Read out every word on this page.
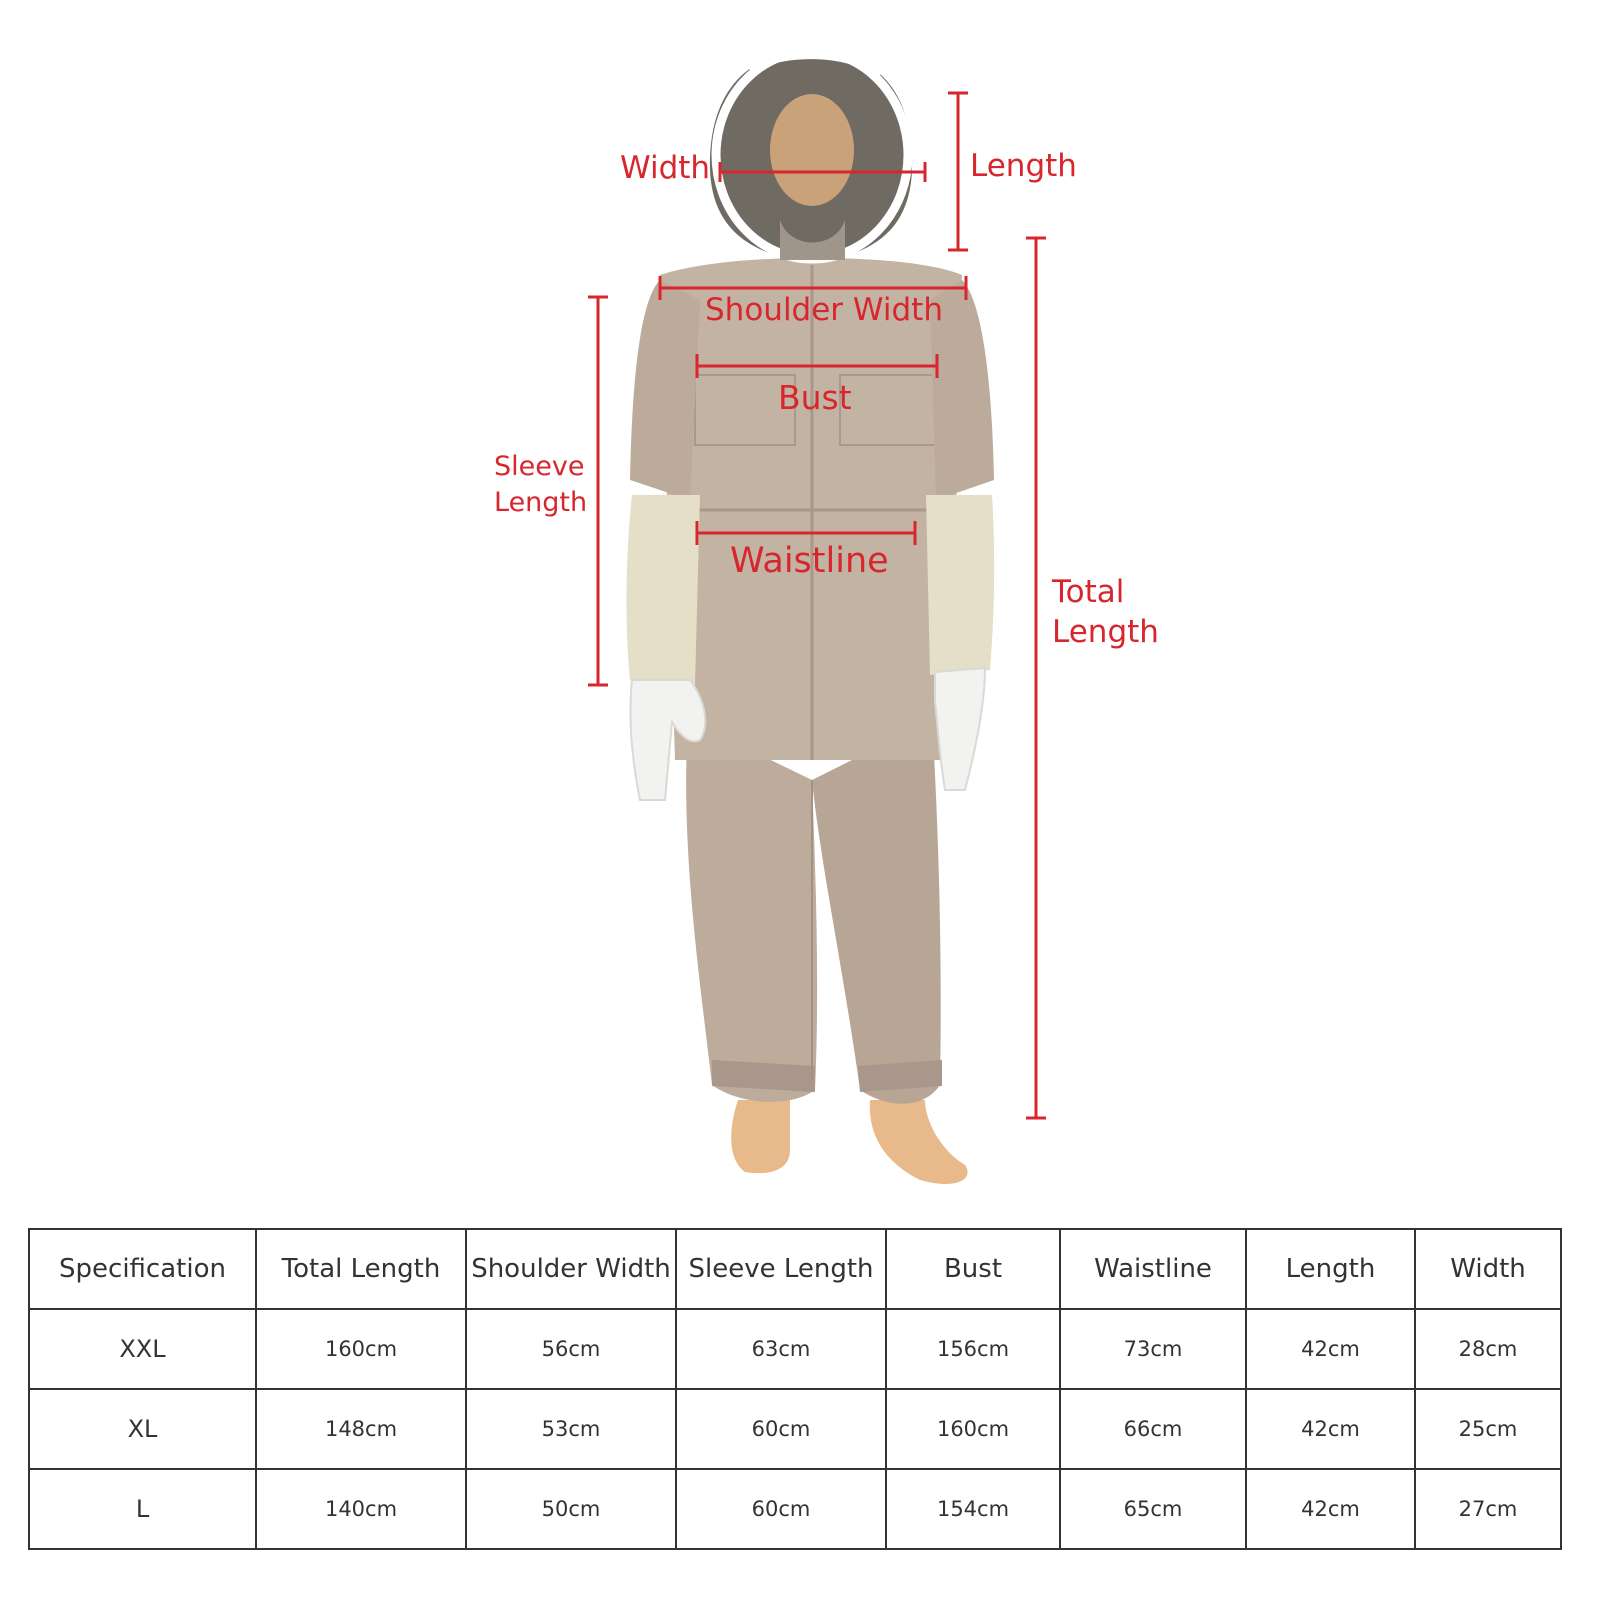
Width	Length
Shoulder Width
Bust
Sleeve
Length
Waistline
Total
Length
Specification	Total Length	Shoulder Width	Sleeve Length	Bust	Waistline	Length	Width
XXL	160cm	56cm	63cm	156cm	73cm	42cm	28cm
XL	148cm	53cm	60cm	160cm	66cm	42cm	25cm
L	140cm	50cm	60cm	154cm	65cm	42cm	27cm
